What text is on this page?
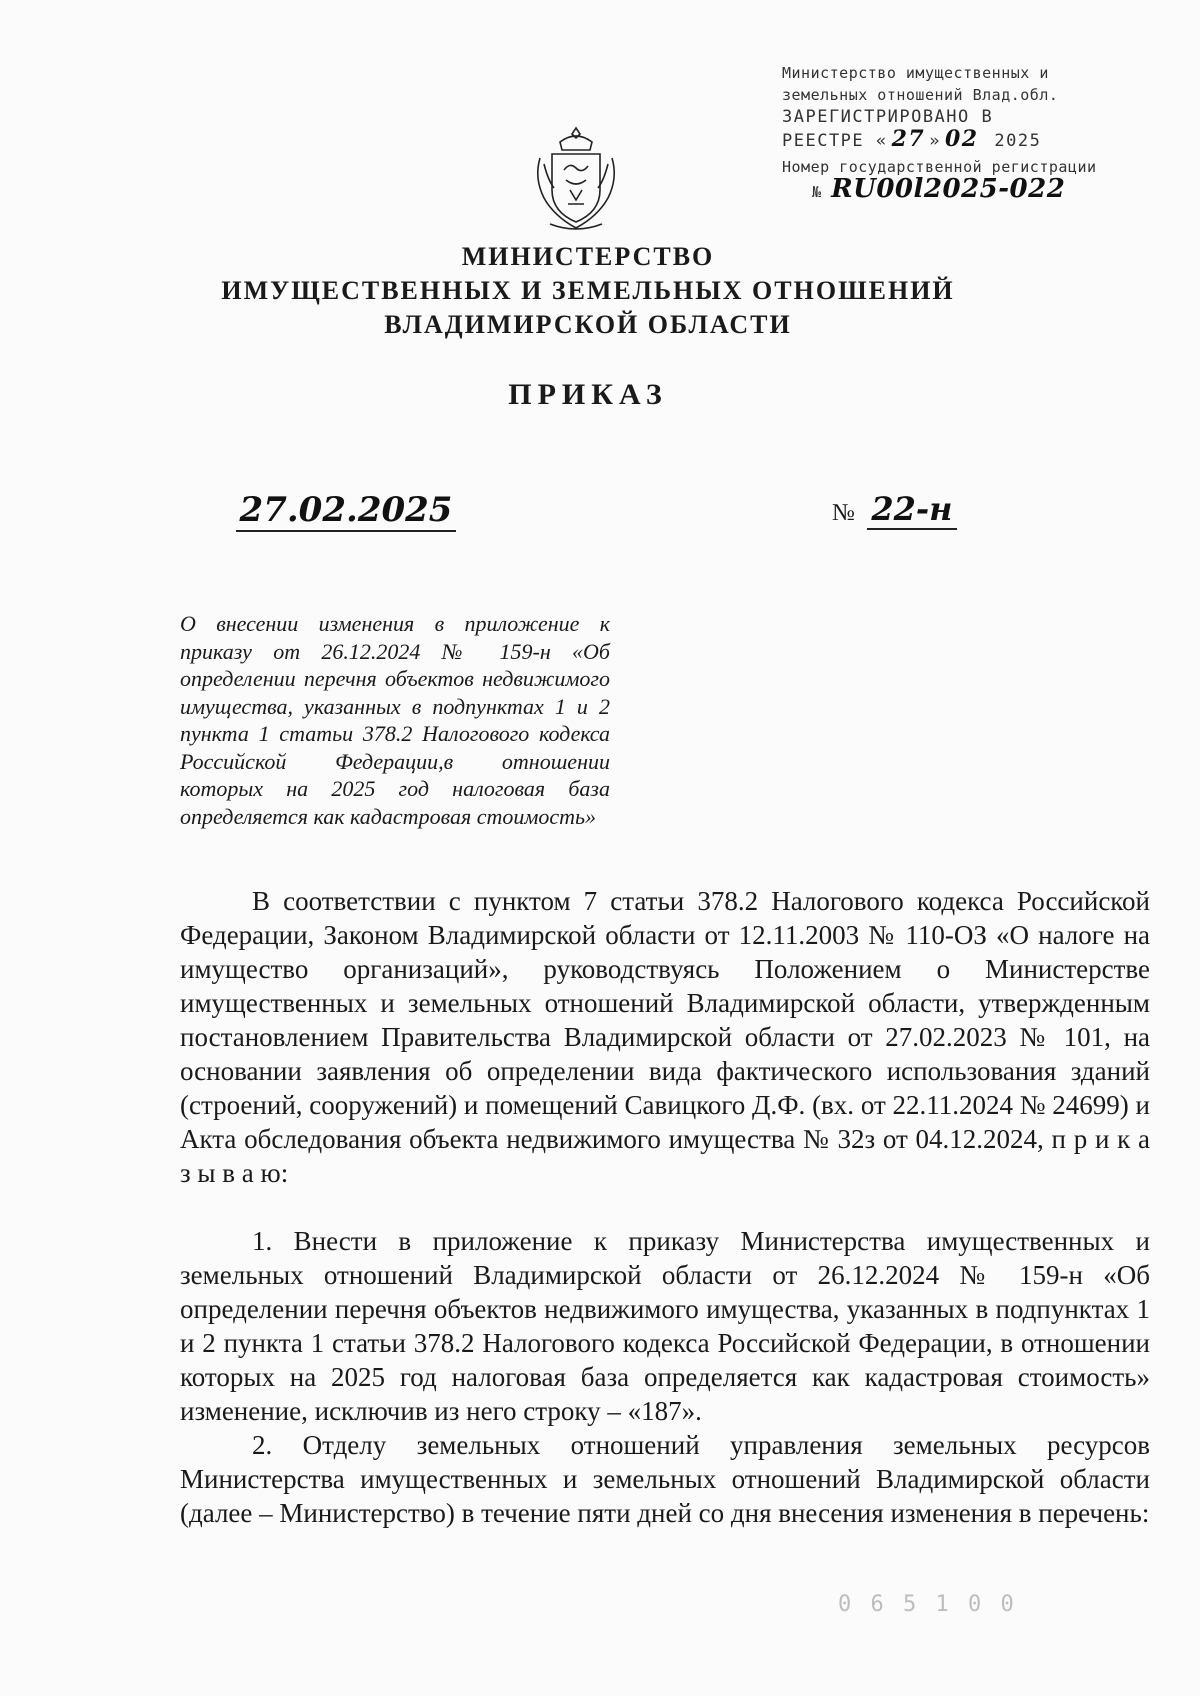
Министерство имущественных и
земельных отношений Влад.обл.
ЗАРЕГИСТРИРОВАНО В
РЕЕСТРЕ « 27 » 02 2025
Номер государственной регистрации
№ RU00l2025-022
МИНИСТЕРСТВО
ИМУЩЕСТВЕННЫХ И ЗЕМЕЛЬНЫХ ОТНОШЕНИЙ
ВЛАДИМИРСКОЙ ОБЛАСТИ
ПРИКАЗ
27.02.2025	№ 22-н
О внесении изменения в приложение к приказу от 26.12.2024 № 159-н «Об определении перечня объектов недвижимого имущества, указанных в подпунктах 1 и 2 пункта 1 статьи 378.2 Налогового кодекса Российской Федерации,в отношении которых на 2025 год налоговая база определяется как кадастровая стоимость»

В соответствии с пунктом 7 статьи 378.2 Налогового кодекса Российской Федерации, Законом Владимирской области от 12.11.2003 № 110-ОЗ «О налоге на имущество организаций», руководствуясь Положением о Министерстве имущественных и земельных отношений Владимирской области, утвержденным постановлением Правительства Владимирской области от 27.02.2023 № 101, на основании заявления об определении вида фактического использования зданий (строений, сооружений) и помещений Савицкого Д.Ф. (вх. от 22.11.2024 № 24699) и Акта обследования объекта недвижимого имущества № 32з от 04.12.2024, п р и к а з ы в а ю:

1. Внести в приложение к приказу Министерства имущественных и земельных отношений Владимирской области от 26.12.2024 № 159-н «Об определении перечня объектов недвижимого имущества, указанных в подпунктах 1 и 2 пункта 1 статьи 378.2 Налогового кодекса Российской Федерации, в отношении которых на 2025 год налоговая база определяется как кадастровая стоимость» изменение, исключив из него строку – «187».

2. Отделу земельных отношений управления земельных ресурсов Министерства имущественных и земельных отношений Владимирской области (далее – Министерство) в течение пяти дней со дня внесения изменения в перечень:

0 6 5 1 0 0
